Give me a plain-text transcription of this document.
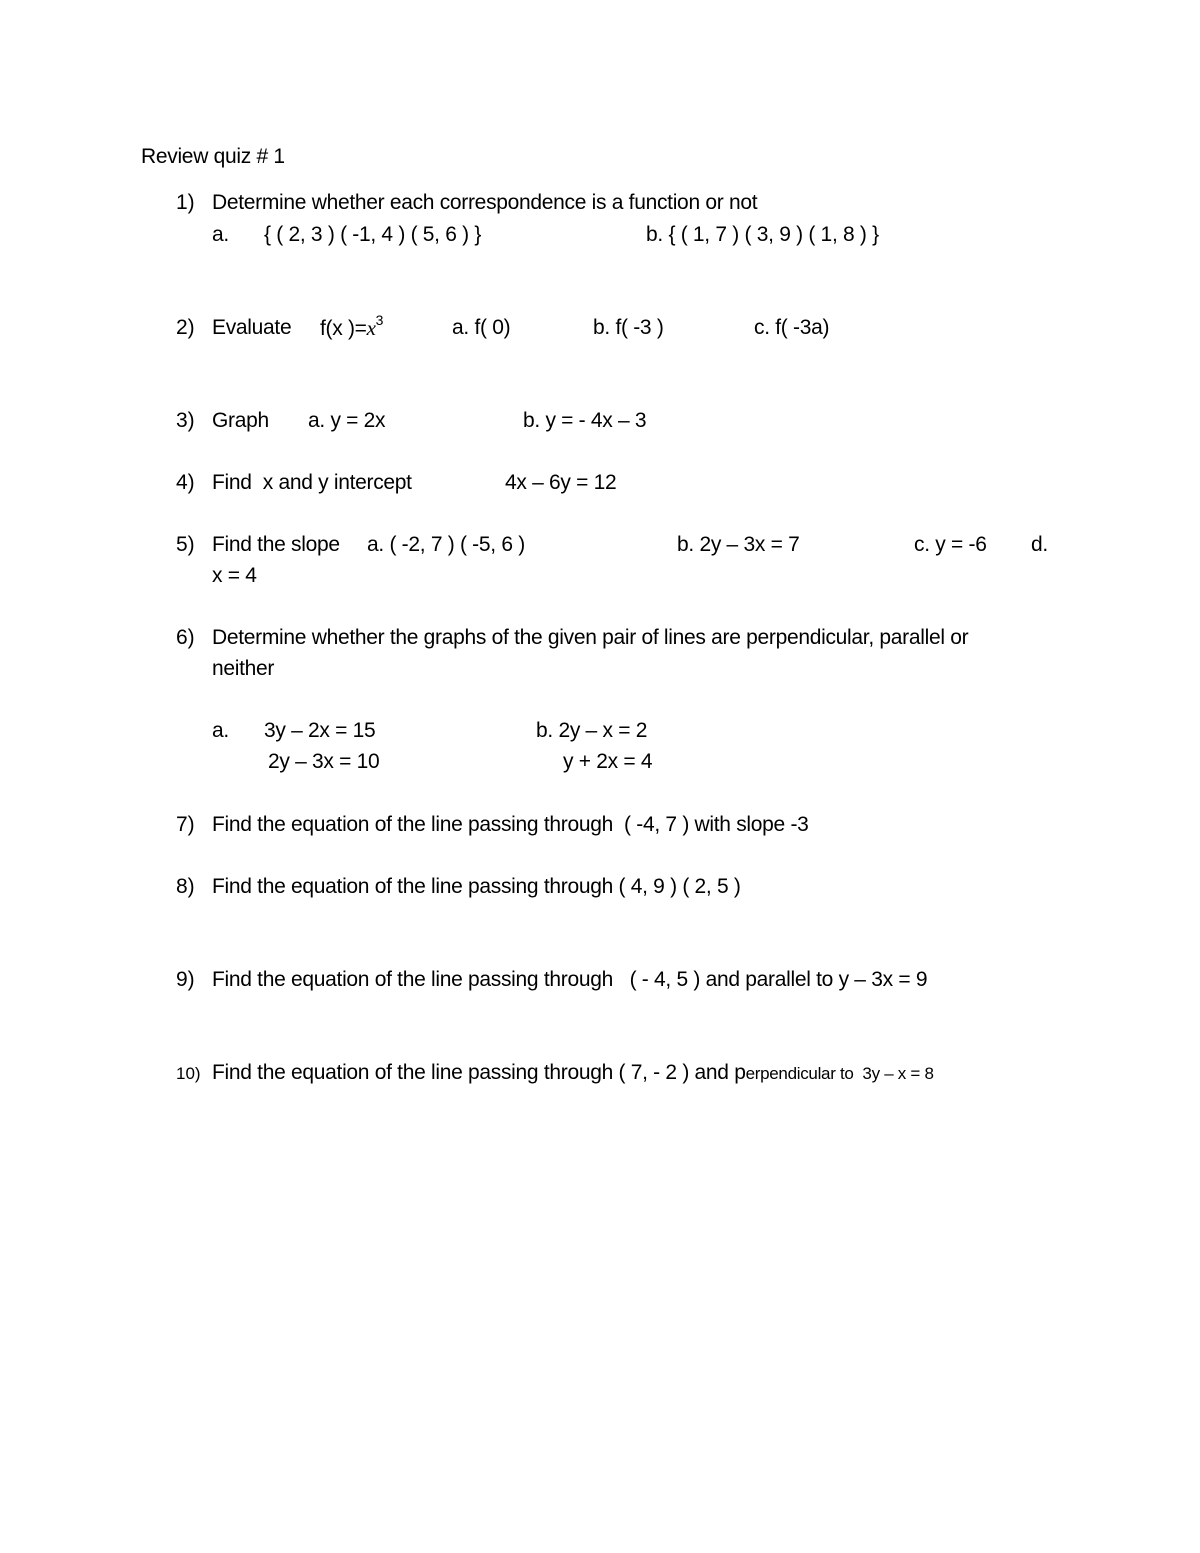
Review quiz # 1
1) Determine whether each correspondence is a function or not
a. { ( 2, 3 ) ( -1, 4 ) ( 5, 6 ) }	b. { ( 1, 7 ) ( 3, 9 ) ( 1, 8 ) }
2) Evaluate f(x )$=x^3$	a. f( 0)	b. f( -3 )	c. f( -3a)
3) Graph a. y = 2x	b. y = - 4x – 3
4) Find  x and y intercept	4x – 6y = 12
5) Find the slope a. ( -2, 7 ) ( -5, 6 )	b. 2y – 3x = 7	c. y = -6 d.
x = 4
6) Determine whether the graphs of the given pair of lines are perpendicular, parallel or
neither
a. 3y – 2x = 15
2y – 3x = 10
b. 2y – x = 2
y + 2x = 4
7) Find the equation of the line passing through  ( -4, 7 ) with slope -3
8) Find the equation of the line passing through ( 4, 9 ) ( 2, 5 )
9) Find the equation of the line passing through   ( - 4, 5 ) and parallel to y – 3x = 9
10) Find the equation of the line passing through ( 7, - 2 ) and perpendicular to  3y – x = 8
